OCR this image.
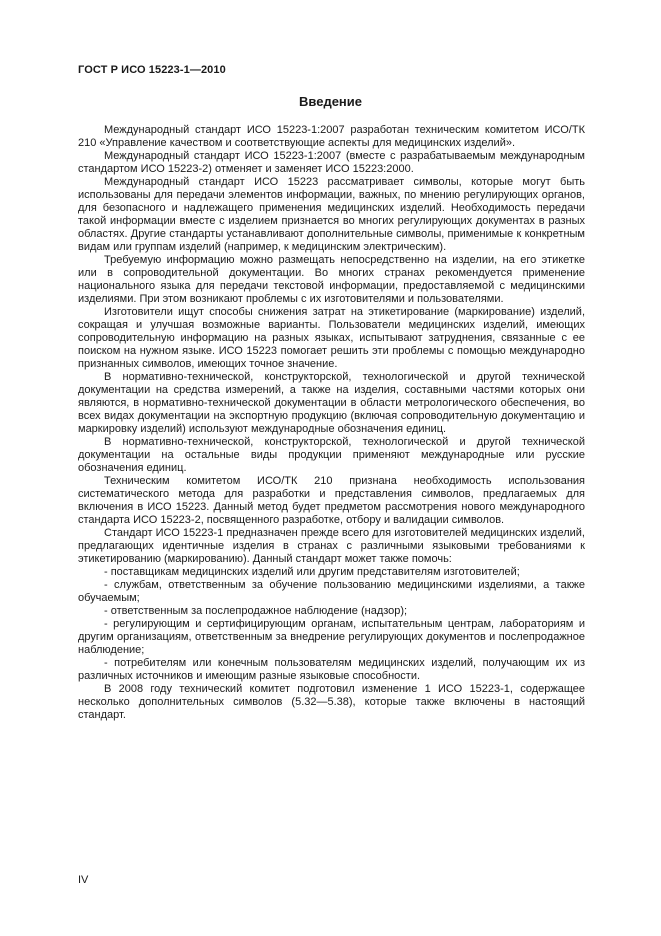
ГОСТ Р ИСО 15223-1—2010
Введение

Международный стандарт ИСО 15223-1:2007 разработан техническим комитетом ИСО/ТК 210 «Управление качеством и соответствующие аспекты для медицинских изделий».

Международный стандарт ИСО 15223-1:2007 (вместе с разрабатываемым международным стандартом ИСО 15223-2) отменяет и заменяет ИСО 15223:2000.

Международный стандарт ИСО 15223 рассматривает символы, которые могут быть использованы для передачи элементов информации, важных, по мнению регулирующих органов, для безопасного и надлежащего применения медицинских изделий. Необходимость передачи такой информации вместе с изделием признается во многих регулирующих документах в разных областях. Другие стандарты устанавливают дополнительные символы, применимые к конкретным видам или группам изделий (например, к медицинским электрическим).

Требуемую информацию можно размещать непосредственно на изделии, на его этикетке или в сопроводительной документации. Во многих странах рекомендуется применение национального языка для передачи текстовой информации, предоставляемой с медицинскими изделиями. При этом возникают проблемы с их изготовителями и пользователями.

Изготовители ищут способы снижения затрат на этикетирование (маркирование) изделий, сокращая и улучшая возможные варианты. Пользователи медицинских изделий, имеющих сопроводительную информацию на разных языках, испытывают затруднения, связанные с ее поиском на нужном языке. ИСО 15223 помогает решить эти проблемы с помощью международно признанных символов, имеющих точное значение.

В нормативно-технической, конструкторской, технологической и другой технической документации на средства измерений, а также на изделия, составными частями которых они являются, в нормативно-технической документации в области метрологического обеспечения, во всех видах документации на экспортную продукцию (включая сопроводительную документацию и маркировку изделий) используют международные обозначения единиц.

В нормативно-технической, конструкторской, технологической и другой технической документации на остальные виды продукции применяют международные или русские обозначения единиц.

Техническим комитетом ИСО/ТК 210 признана необходимость использования систематического метода для разработки и представления символов, предлагаемых для включения в ИСО 15223. Данный метод будет предметом рассмотрения нового международного стандарта ИСО 15223-2, посвященного разработке, отбору и валидации символов.

Стандарт ИСО 15223-1 предназначен прежде всего для изготовителей медицинских изделий, предлагающих идентичные изделия в странах с различными языковыми требованиями к этикетированию (маркированию). Данный стандарт может также помочь:

- поставщикам медицинских изделий или другим представителям изготовителей;

- службам, ответственным за обучение пользованию медицинскими изделиями, а также обучаемым;

- ответственным за послепродажное наблюдение (надзор);

- регулирующим и сертифицирующим органам, испытательным центрам, лабораториям и другим организациям, ответственным за внедрение регулирующих документов и послепродажное наблюдение;

- потребителям или конечным пользователям медицинских изделий, получающим их из различных источников и имеющим разные языковые способности.

В 2008 году технический комитет подготовил изменение 1 ИСО 15223-1, содержащее несколько дополнительных символов (5.32—5.38), которые также включены в настоящий стандарт.

IV
